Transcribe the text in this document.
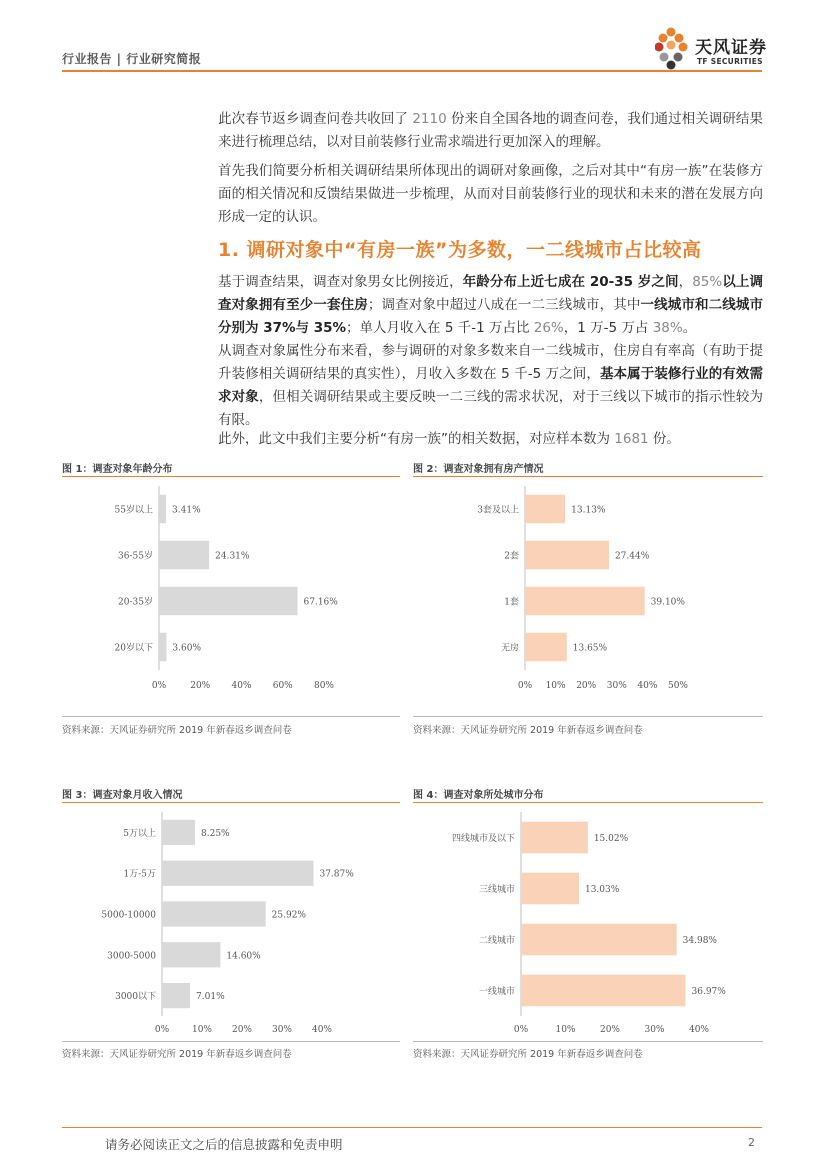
行业报告 | 行业研究简报
天风证券
TF SECURITIES
此次春节返乡调查问卷共收回了 2110 份来自全国各地的调查问卷，我们通过相关调研结果来进行梳理总结，以对目前装修行业需求端进行更加深入的理解。
首先我们简要分析相关调研结果所体现出的调研对象画像，之后对其中“有房一族”在装修方面的相关情况和反馈结果做进一步梳理，从而对目前装修行业的现状和未来的潜在发展方向形成一定的认识。
1. 调研对象中“有房一族”为多数，一二线城市占比较高
基于调查结果，调查对象男女比例接近，年龄分布上近七成在 20-35 岁之间，85%以上调查对象拥有至少一套住房；调查对象中超过八成在一二三线城市，其中一线城市和二线城市分别为 37%与 35%；单人月收入在 5 千-1 万占比 26%，1 万-5 万占 38%。
从调查对象属性分布来看，参与调研的对象多数来自一二线城市，住房自有率高（有助于提升装修相关调研结果的真实性），月收入多数在 5 千-5 万之间，基本属于装修行业的有效需求对象，但相关调研结果或主要反映一二三线的需求状况，对于三线以下城市的指示性较为有限。
此外，此文中我们主要分析“有房一族”的相关数据，对应样本数为 1681 份。
图 1：调查对象年龄分布
55岁以上 3.41%
36-55岁	24.31%
20-35岁	67.16%
20岁以下 3.60%
0%	20% 40% 60% 80%
资料来源：天风证券研究所 2019 年新春返乡调查问卷
图 2：调查对象拥有房产情况
3套及以上	13.13%
2套	27.44%
1套	39.10%
无房	13.65%
0% 10% 20% 30% 40% 50%
资料来源：天风证券研究所 2019 年新春返乡调查问卷
图 3：调查对象月收入情况
5万以上	8.25%
1万-5万	37.87%
5000-10000	25.92%
3000-5000	14.60%
3000以下	7.01%
0%	10% 20% 30% 40%
资料来源：天风证券研究所 2019 年新春返乡调查问卷
图 4：调查对象所处城市分布
四线城市及以下	15.02%
三线城市	13.03%
二线城市	34.98%
一线城市	36.97%
0%	10%	20%	30%	40%
资料来源：天风证券研究所 2019 年新春返乡调查问卷
请务必阅读正文之后的信息披露和免责申明	2
